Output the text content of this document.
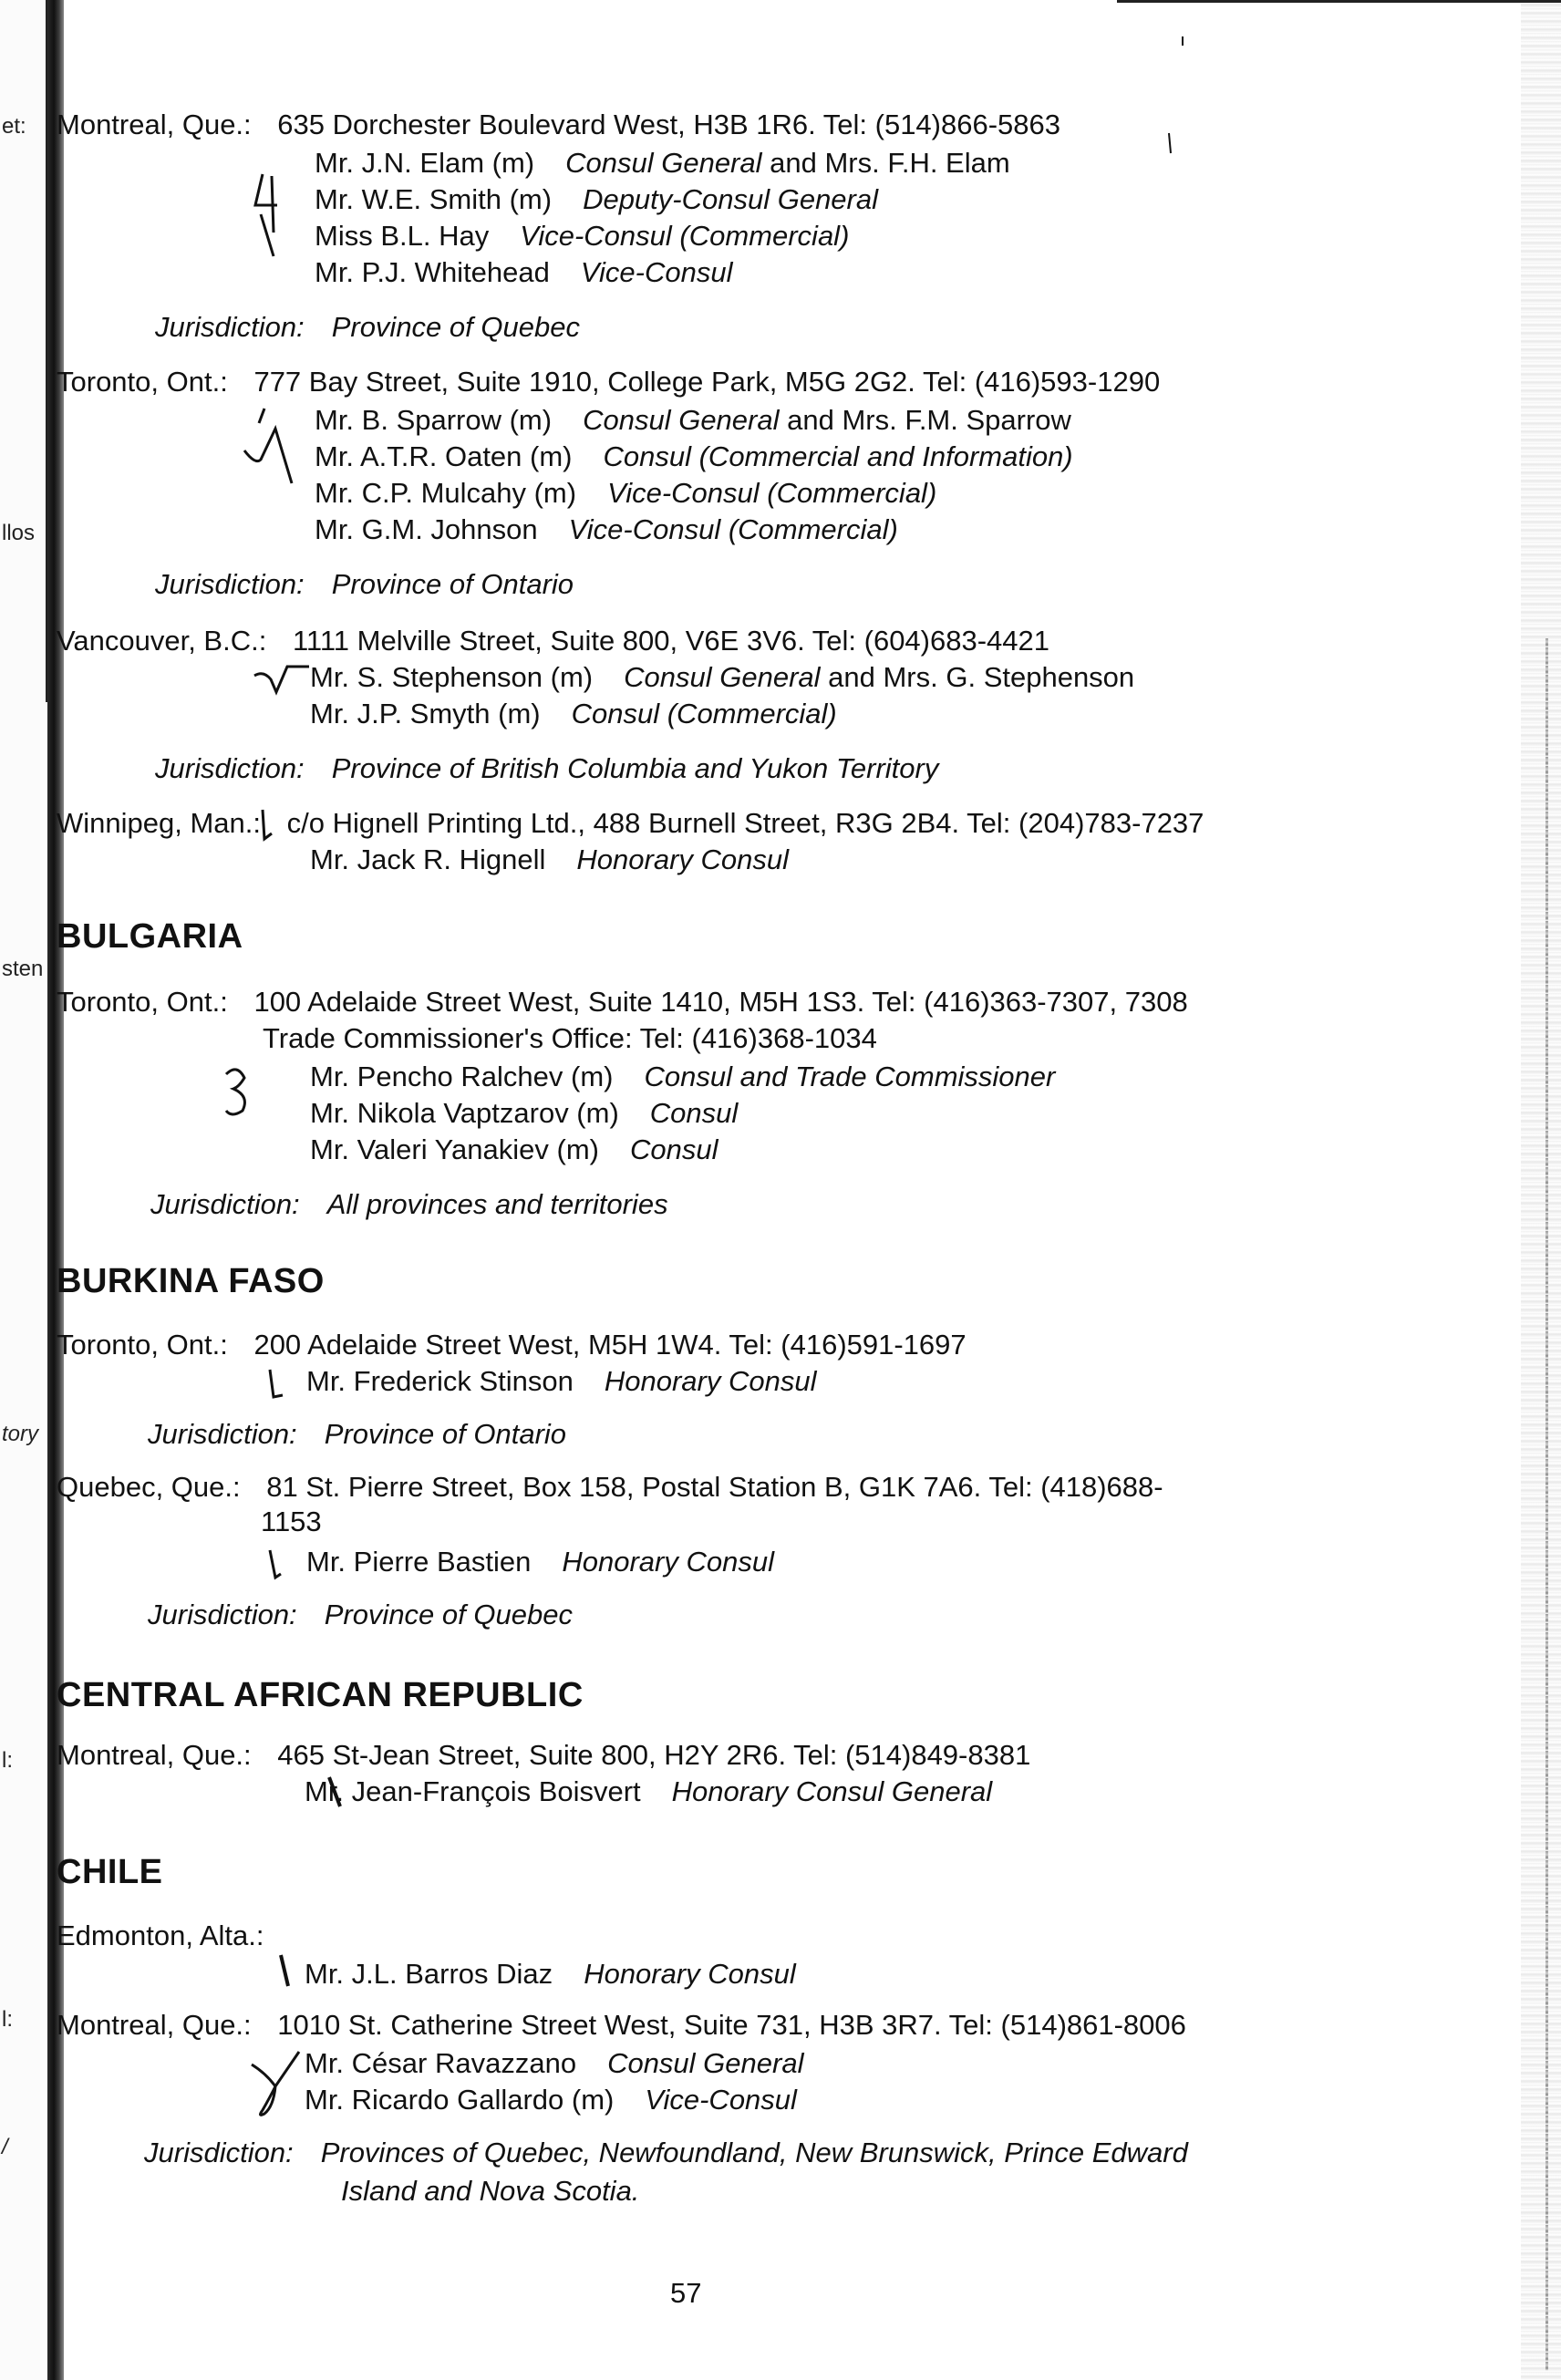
et:
llos
sten
tory
l:
l:
/
Montreal, Que.: 635 Dorchester Boulevard West, H3B 1R6. Tel: (514)866-5863
Mr. J.N. Elam (m) Consul General and Mrs. F.H. Elam
Mr. W.E. Smith (m) Deputy-Consul General
Miss B.L. Hay Vice-Consul (Commercial)
Mr. P.J. Whitehead Vice-Consul
Jurisdiction: Province of Quebec
Toronto, Ont.: 777 Bay Street, Suite 1910, College Park, M5G 2G2. Tel: (416)593-1290
Mr. B. Sparrow (m) Consul General and Mrs. F.M. Sparrow
Mr. A.T.R. Oaten (m) Consul (Commercial and Information)
Mr. C.P. Mulcahy (m) Vice-Consul (Commercial)
Mr. G.M. Johnson Vice-Consul (Commercial)
Jurisdiction: Province of Ontario
Vancouver, B.C.: 1111 Melville Street, Suite 800, V6E 3V6. Tel: (604)683-4421
Mr. S. Stephenson (m) Consul General and Mrs. G. Stephenson
Mr. J.P. Smyth (m) Consul (Commercial)
Jurisdiction: Province of British Columbia and Yukon Territory
Winnipeg, Man.: c/o Hignell Printing Ltd., 488 Burnell Street, R3G 2B4. Tel: (204)783-7237
Mr. Jack R. Hignell Honorary Consul
BULGARIA
Toronto, Ont.: 100 Adelaide Street West, Suite 1410, M5H 1S3. Tel: (416)363-7307, 7308
Trade Commissioner's Office: Tel: (416)368-1034
Mr. Pencho Ralchev (m) Consul and Trade Commissioner
Mr. Nikola Vaptzarov (m) Consul
Mr. Valeri Yanakiev (m) Consul
Jurisdiction: All provinces and territories
BURKINA FASO
Toronto, Ont.: 200 Adelaide Street West, M5H 1W4. Tel: (416)591-1697
Mr. Frederick Stinson Honorary Consul
Jurisdiction: Province of Ontario
Quebec, Que.: 81 St. Pierre Street, Box 158, Postal Station B, G1K 7A6. Tel: (418)688-
1153
Mr. Pierre Bastien Honorary Consul
Jurisdiction: Province of Quebec
CENTRAL AFRICAN REPUBLIC
Montreal, Que.: 465 St-Jean Street, Suite 800, H2Y 2R6. Tel: (514)849-8381
Mr. Jean-François Boisvert Honorary Consul General
CHILE
Edmonton, Alta.:
Mr. J.L. Barros Diaz Honorary Consul
Montreal, Que.: 1010 St. Catherine Street West, Suite 731, H3B 3R7. Tel: (514)861-8006
Mr. César Ravazzano Consul General
Mr. Ricardo Gallardo (m) Vice-Consul
Jurisdiction: Provinces of Quebec, Newfoundland, New Brunswick, Prince Edward
Island and Nova Scotia.
57
